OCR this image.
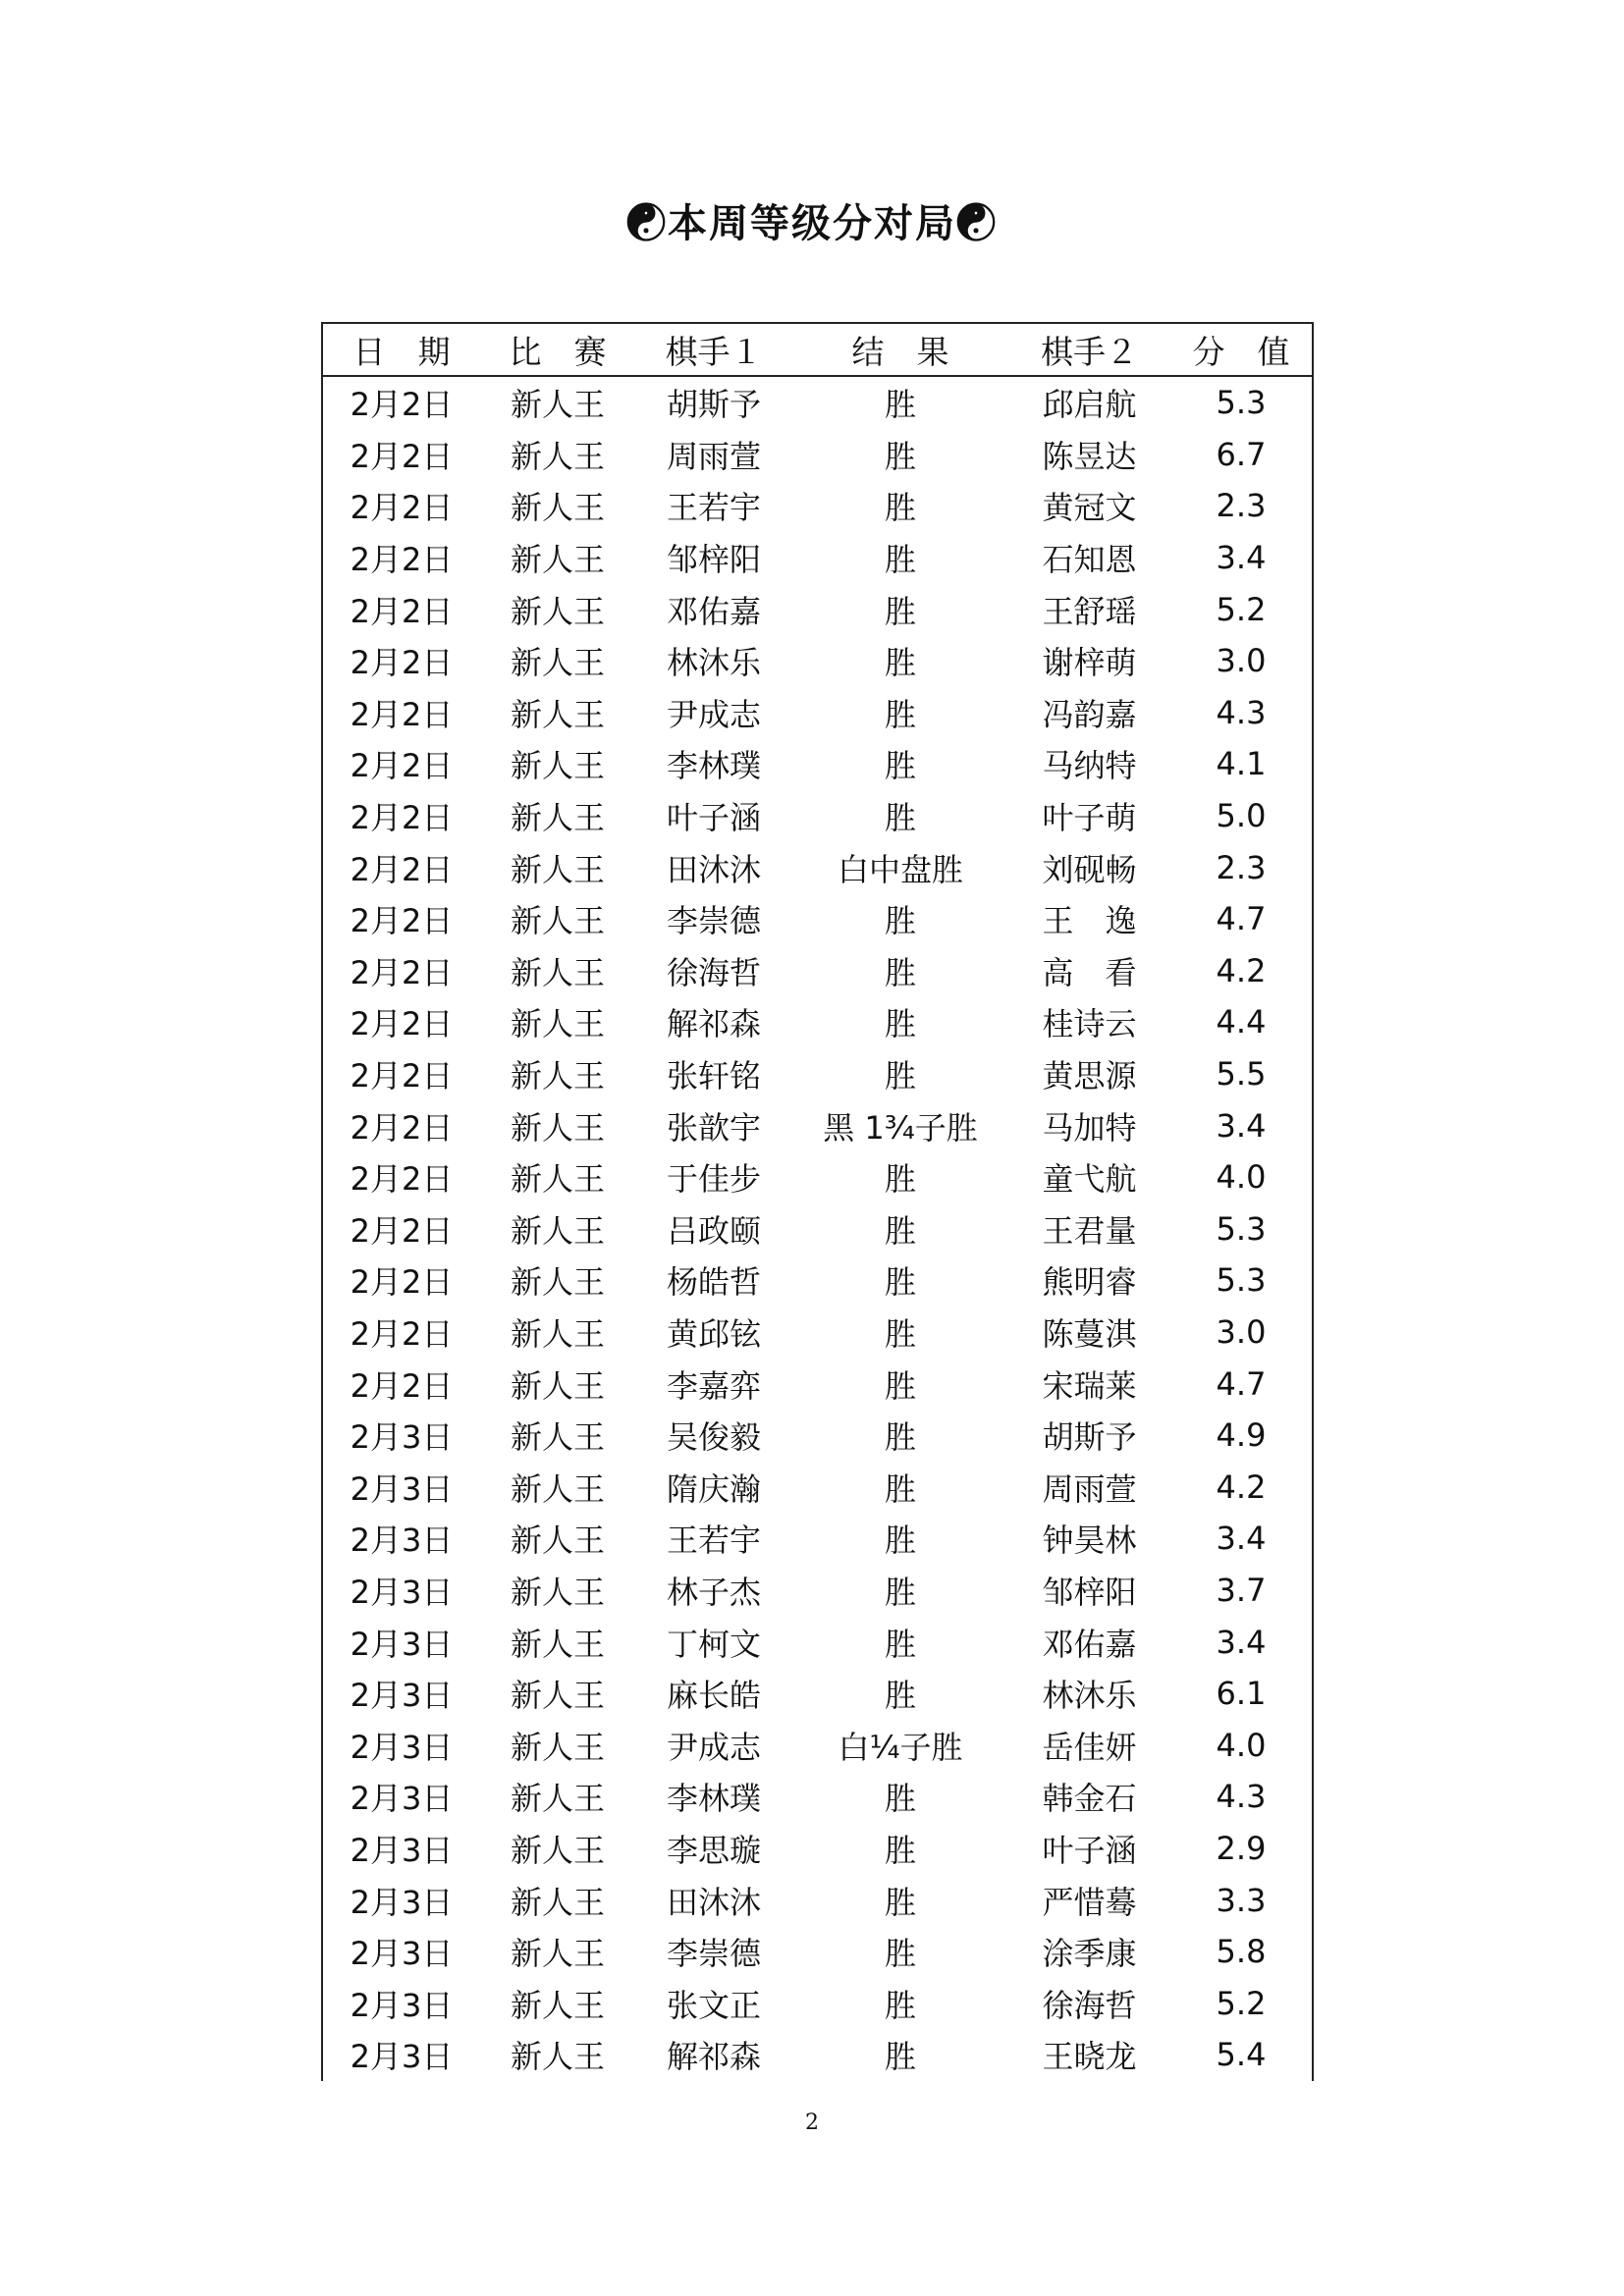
☯本周等级分对局☯
日　期	比　赛	棋手１	结　果	棋手２	分　值
2月2日	新人王	胡斯予	胜	邱启航	5.3
2月2日	新人王	周雨萱	胜	陈昱达	6.7
2月2日	新人王	王若宇	胜	黄冠文	2.3
2月2日	新人王	邹梓阳	胜	石知恩	3.4
2月2日	新人王	邓佑嘉	胜	王舒瑶	5.2
2月2日	新人王	林沐乐	胜	谢梓萌	3.0
2月2日	新人王	尹成志	胜	冯韵嘉	4.3
2月2日	新人王	李林璞	胜	马纳特	4.1
2月2日	新人王	叶子涵	胜	叶子萌	5.0
2月2日	新人王	田沐沐	白中盘胜	刘砚畅	2.3
2月2日	新人王	李崇德	胜	王　逸	4.7
2月2日	新人王	徐海哲	胜	高　看	4.2
2月2日	新人王	解祁森	胜	桂诗云	4.4
2月2日	新人王	张轩铭	胜	黄思源	5.5
2月2日	新人王	张歆宇	黑 1¾子胜	马加特	3.4
2月2日	新人王	于佳步	胜	童弋航	4.0
2月2日	新人王	吕政颐	胜	王君量	5.3
2月2日	新人王	杨皓哲	胜	熊明睿	5.3
2月2日	新人王	黄邱铉	胜	陈蔓淇	3.0
2月2日	新人王	李嘉弈	胜	宋瑞莱	4.7
2月3日	新人王	吴俊毅	胜	胡斯予	4.9
2月3日	新人王	隋庆瀚	胜	周雨萱	4.2
2月3日	新人王	王若宇	胜	钟昊林	3.4
2月3日	新人王	林子杰	胜	邹梓阳	3.7
2月3日	新人王	丁柯文	胜	邓佑嘉	3.4
2月3日	新人王	麻长皓	胜	林沐乐	6.1
2月3日	新人王	尹成志	白¼子胜	岳佳妍	4.0
2月3日	新人王	李林璞	胜	韩金石	4.3
2月3日	新人王	李思璇	胜	叶子涵	2.9
2月3日	新人王	田沐沐	胜	严惜蓦	3.3
2月3日	新人王	李崇德	胜	涂季康	5.8
2月3日	新人王	张文正	胜	徐海哲	5.2
2月3日	新人王	解祁森	胜	王晓龙	5.4
2
